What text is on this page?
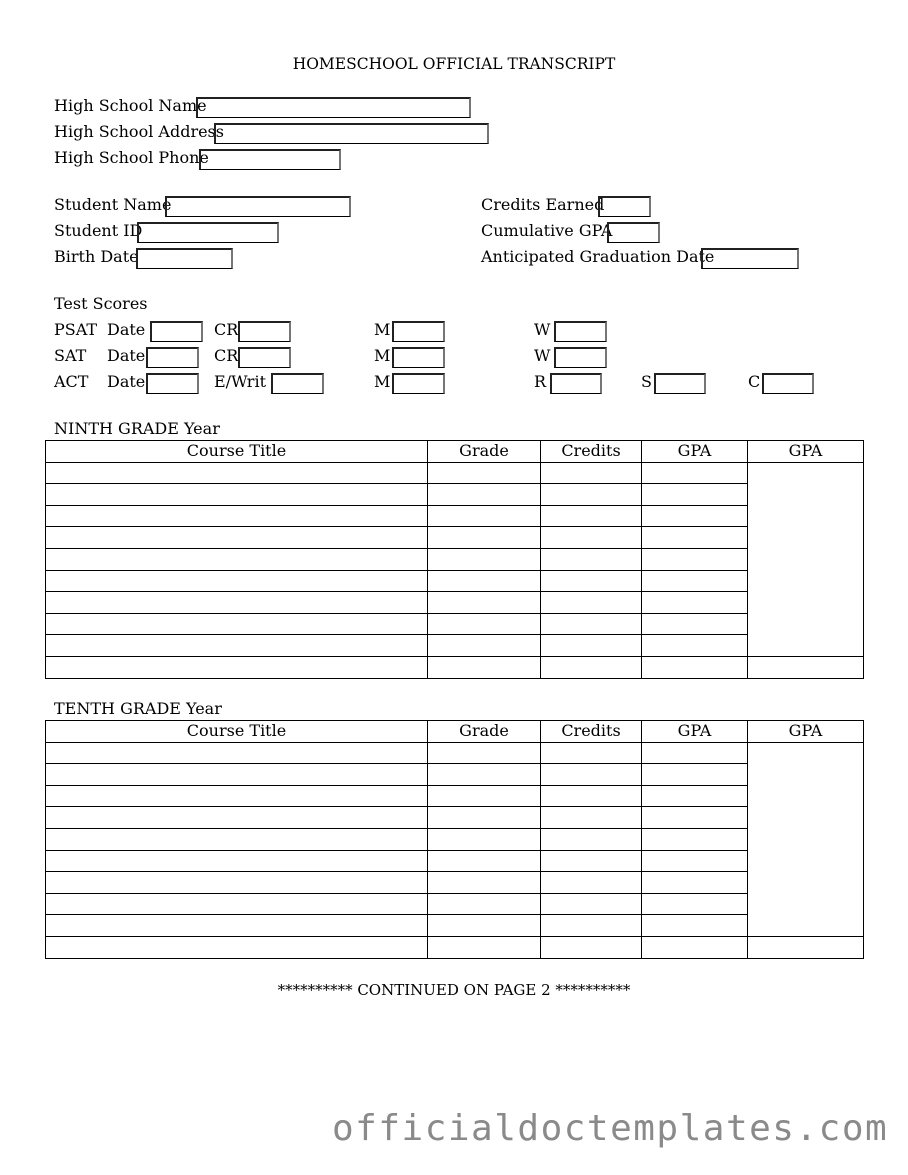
HOMESCHOOL OFFICIAL TRANSCRIPT
High School Name
High School Address
High School Phone
Student Name
Student ID
Birth Date
Credits Earned
Cumulative GPA
Anticipated Graduation Date
Test Scores
PSAT Date	CR	M	W
SAT Date	CR	M	W
ACT Date	E/Writ	M	R	S	C
NINTH GRADE Year
Course Title	Grade	Credits	GPA	GPA

TENTH GRADE Year
Course Title	Grade	Credits	GPA	GPA

********** CONTINUED ON PAGE 2 **********
officialdoctemplates.com
